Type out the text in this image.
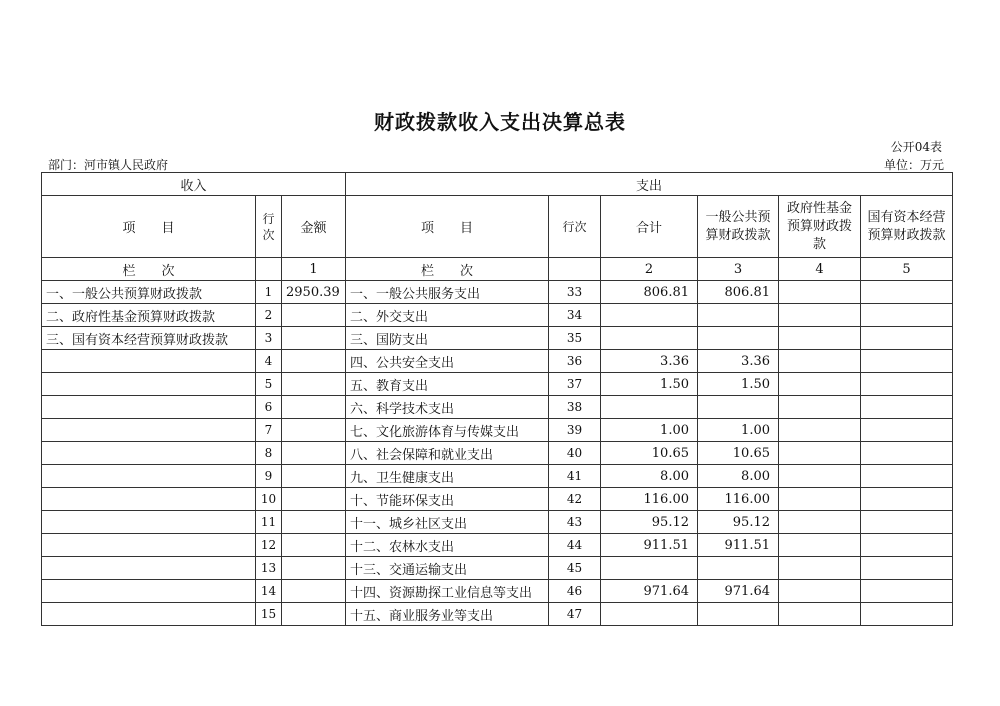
财政拨款收入支出决算总表
公开04表
部门：河市镇人民政府	单位：万元
收入			支出					
项　　目	行次	金额	项　　目	行次	合计	一般公共预算财政拨款	政府性基金预算财政拨款	国有资本经营预算财政拨款
栏　　次		1	栏　　次		2	3	4	5
一、一般公共预算财政拨款	1	2950.39	一、一般公共服务支出	33	806.81	806.81		
二、政府性基金预算财政拨款	2		二、外交支出	34				
三、国有资本经营预算财政拨款	3		三、国防支出	35				
	4		四、公共安全支出	36	3.36	3.36		
	5		五、教育支出	37	1.50	1.50		
	6		六、科学技术支出	38				
	7		七、文化旅游体育与传媒支出	39	1.00	1.00		
	8		八、社会保障和就业支出	40	10.65	10.65		
	9		九、卫生健康支出	41	8.00	8.00		
	10		十、节能环保支出	42	116.00	116.00		
	11		十一、城乡社区支出	43	95.12	95.12		
	12		十二、农林水支出	44	911.51	911.51		
	13		十三、交通运输支出	45				
	14		十四、资源勘探工业信息等支出	46	971.64	971.64		
	15		十五、商业服务业等支出	47				
